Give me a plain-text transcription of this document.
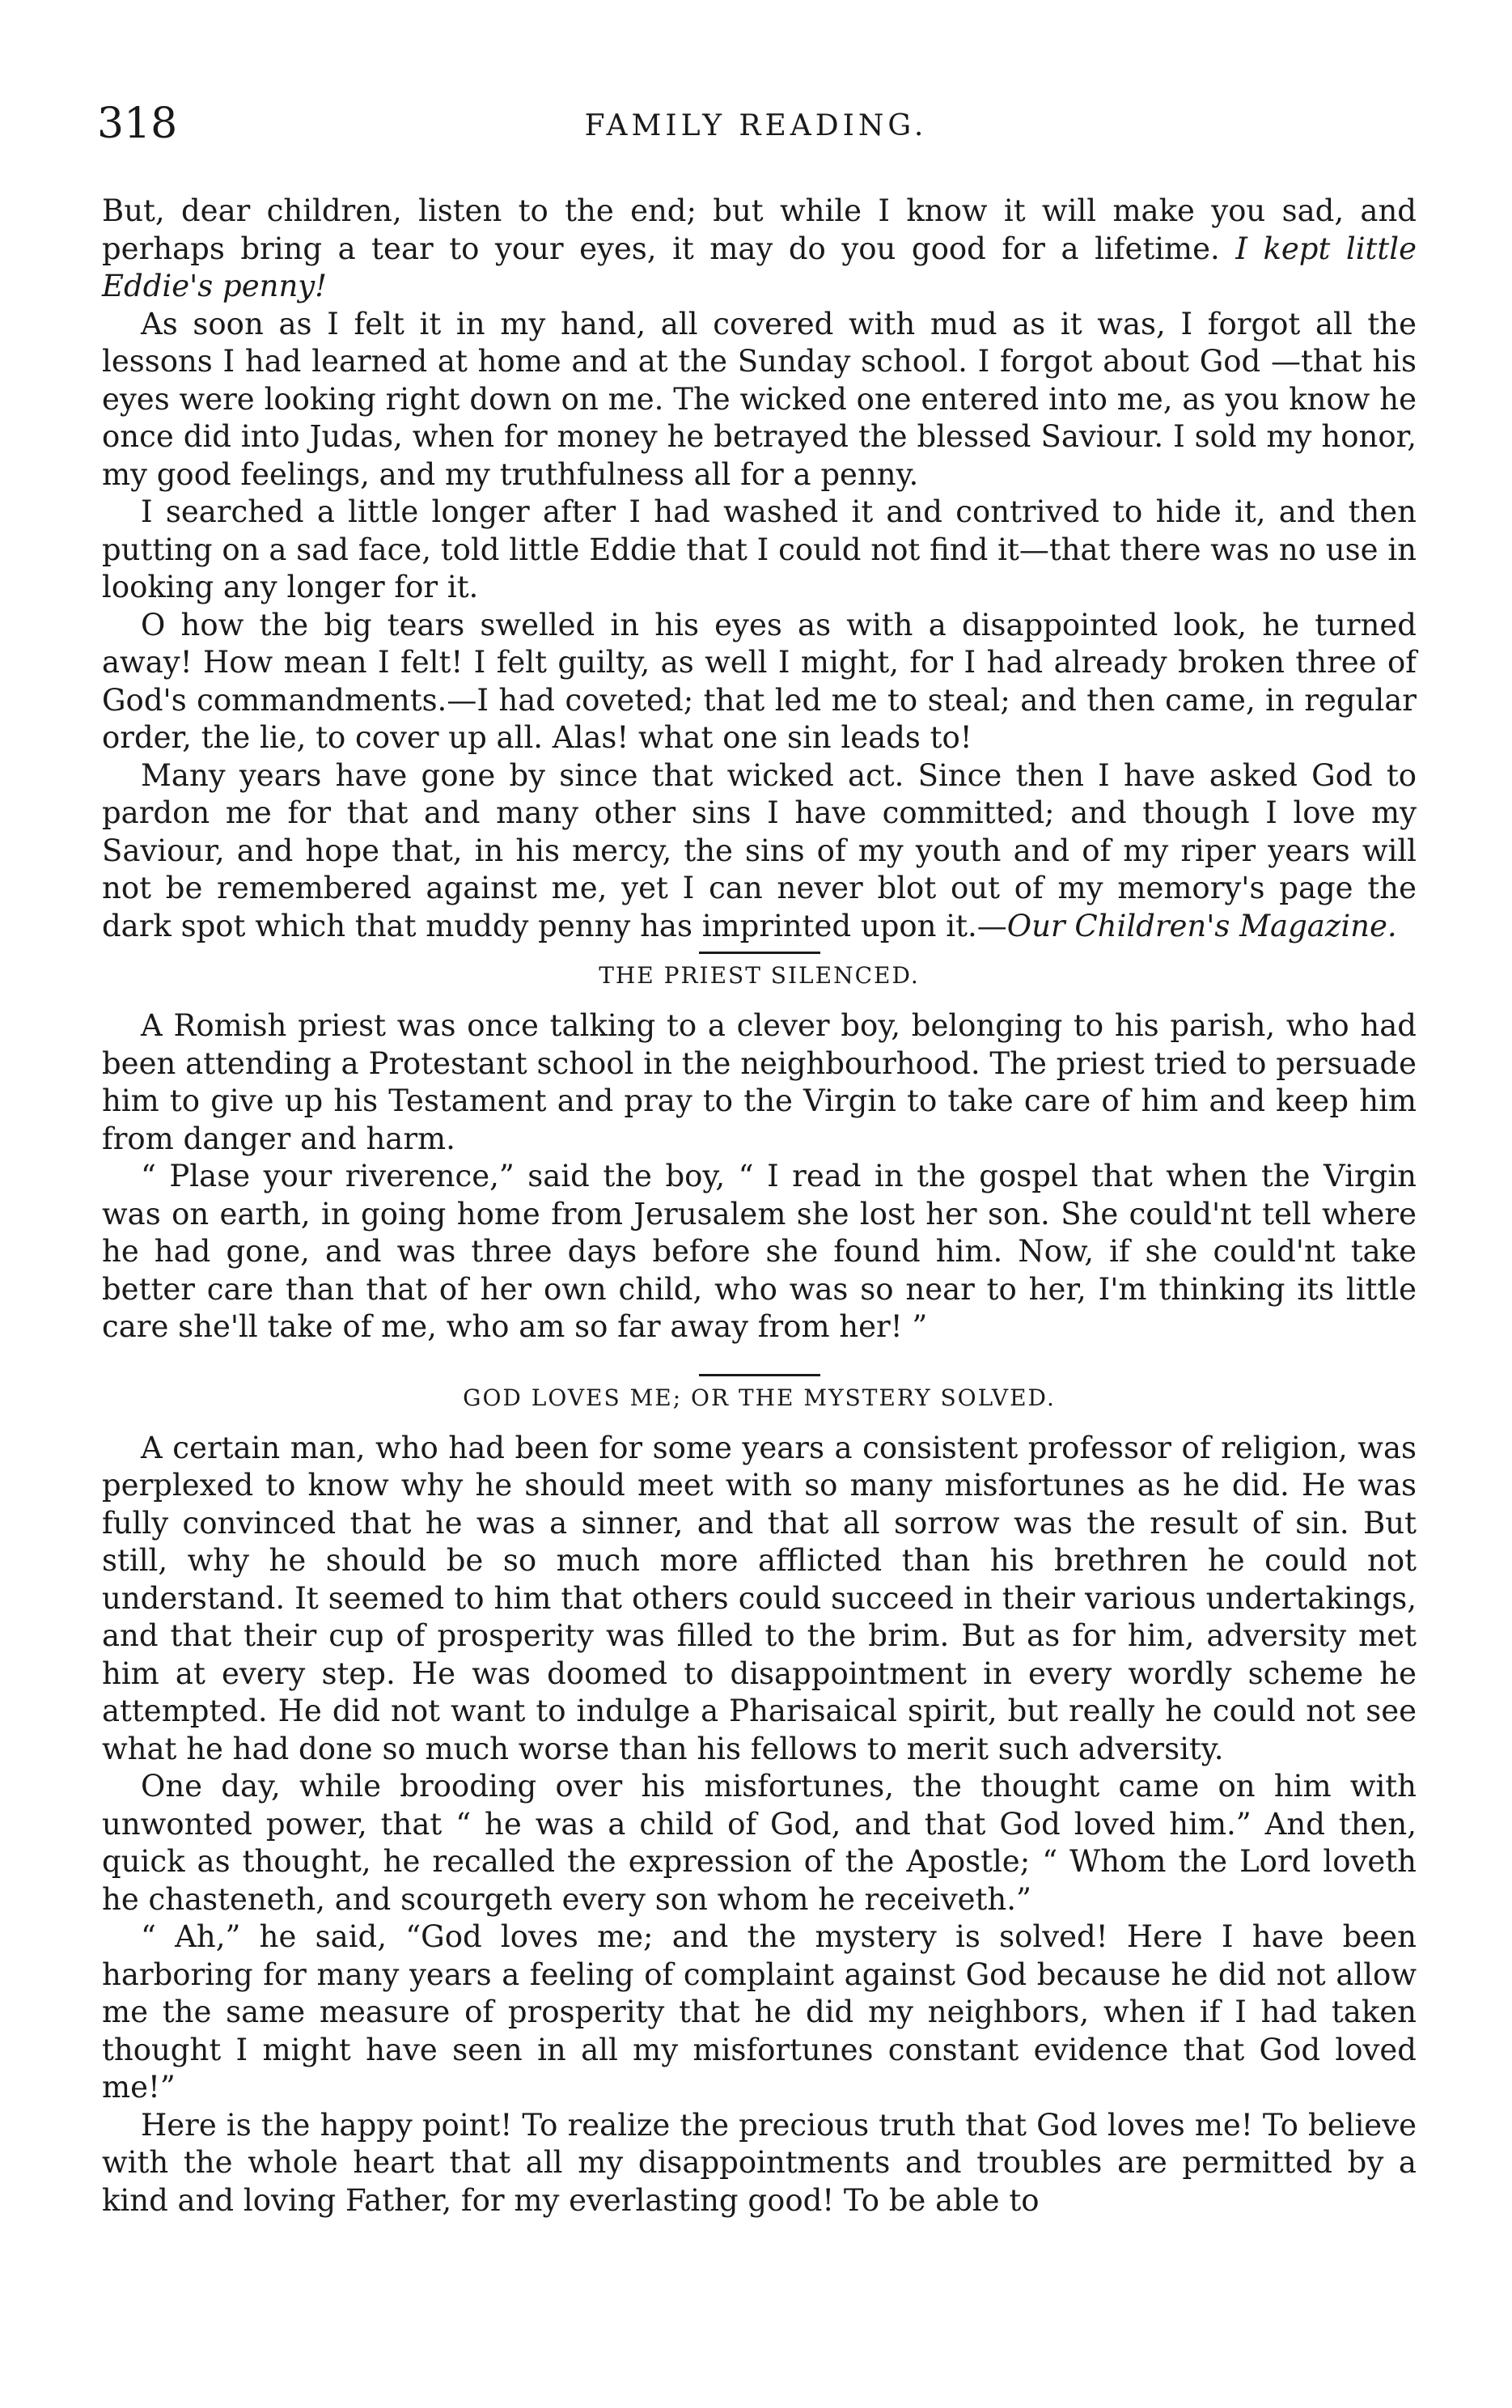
318	FAMILY READING.

But, dear children, listen to the end; but while I know it will make you sad, and perhaps bring a tear to your eyes, it may do you good for a lifetime. I kept little Eddie's penny!

As soon as I felt it in my hand, all covered with mud as it was, I forgot all the lessons I had learned at home and at the Sunday school. I forgot about God —that his eyes were looking right down on me. The wicked one entered into me, as you know he once did into Judas, when for money he betrayed the blessed Saviour. I sold my honor, my good feelings, and my truthfulness all for a penny.

I searched a little longer after I had washed it and contrived to hide it, and then putting on a sad face, told little Eddie that I could not find it—that there was no use in looking any longer for it.

O how the big tears swelled in his eyes as with a disappointed look, he turned away! How mean I felt! I felt guilty, as well I might, for I had already broken three of God's commandments.—I had coveted; that led me to steal; and then came, in regular order, the lie, to cover up all. Alas! what one sin leads to!

Many years have gone by since that wicked act. Since then I have asked God to pardon me for that and many other sins I have committed; and though I love my Saviour, and hope that, in his mercy, the sins of my youth and of my riper years will not be remembered against me, yet I can never blot out of my memory's page the dark spot which that muddy penny has imprinted upon it.—Our Children's Magazine.

THE PRIEST SILENCED.

A Romish priest was once talking to a clever boy, belonging to his parish, who had been attending a Protestant school in the neighbourhood. The priest tried to persuade him to give up his Testament and pray to the Virgin to take care of him and keep him from danger and harm.

“ Plase your riverence,” said the boy, “ I read in the gospel that when the Virgin was on earth, in going home from Jerusalem she lost her son. She could'nt tell where he had gone, and was three days before she found him. Now, if she could'nt take better care than that of her own child, who was so near to her, I'm thinking its little care she'll take of me, who am so far away from her! ”

GOD LOVES ME; OR THE MYSTERY SOLVED.

A certain man, who had been for some years a consistent professor of religion, was perplexed to know why he should meet with so many misfortunes as he did. He was fully convinced that he was a sinner, and that all sorrow was the result of sin. But still, why he should be so much more afflicted than his brethren he could not understand. It seemed to him that others could succeed in their various undertakings, and that their cup of prosperity was filled to the brim. But as for him, adversity met him at every step. He was doomed to disappointment in every wordly scheme he attempted. He did not want to indulge a Pharisaical spirit, but really he could not see what he had done so much worse than his fellows to merit such adversity.

One day, while brooding over his misfortunes, the thought came on him with unwonted power, that “ he was a child of God, and that God loved him.” And then, quick as thought, he recalled the expression of the Apostle; “ Whom the Lord loveth he chasteneth, and scourgeth every son whom he receiveth.”

“ Ah,” he said, “God loves me; and the mystery is solved! Here I have been harboring for many years a feeling of complaint against God because he did not allow me the same measure of prosperity that he did my neighbors, when if I had taken thought I might have seen in all my misfortunes constant evidence that God loved me!”

Here is the happy point! To realize the precious truth that God loves me! To believe with the whole heart that all my disappointments and troubles are permitted by a kind and loving Father, for my everlasting good! To be able to
